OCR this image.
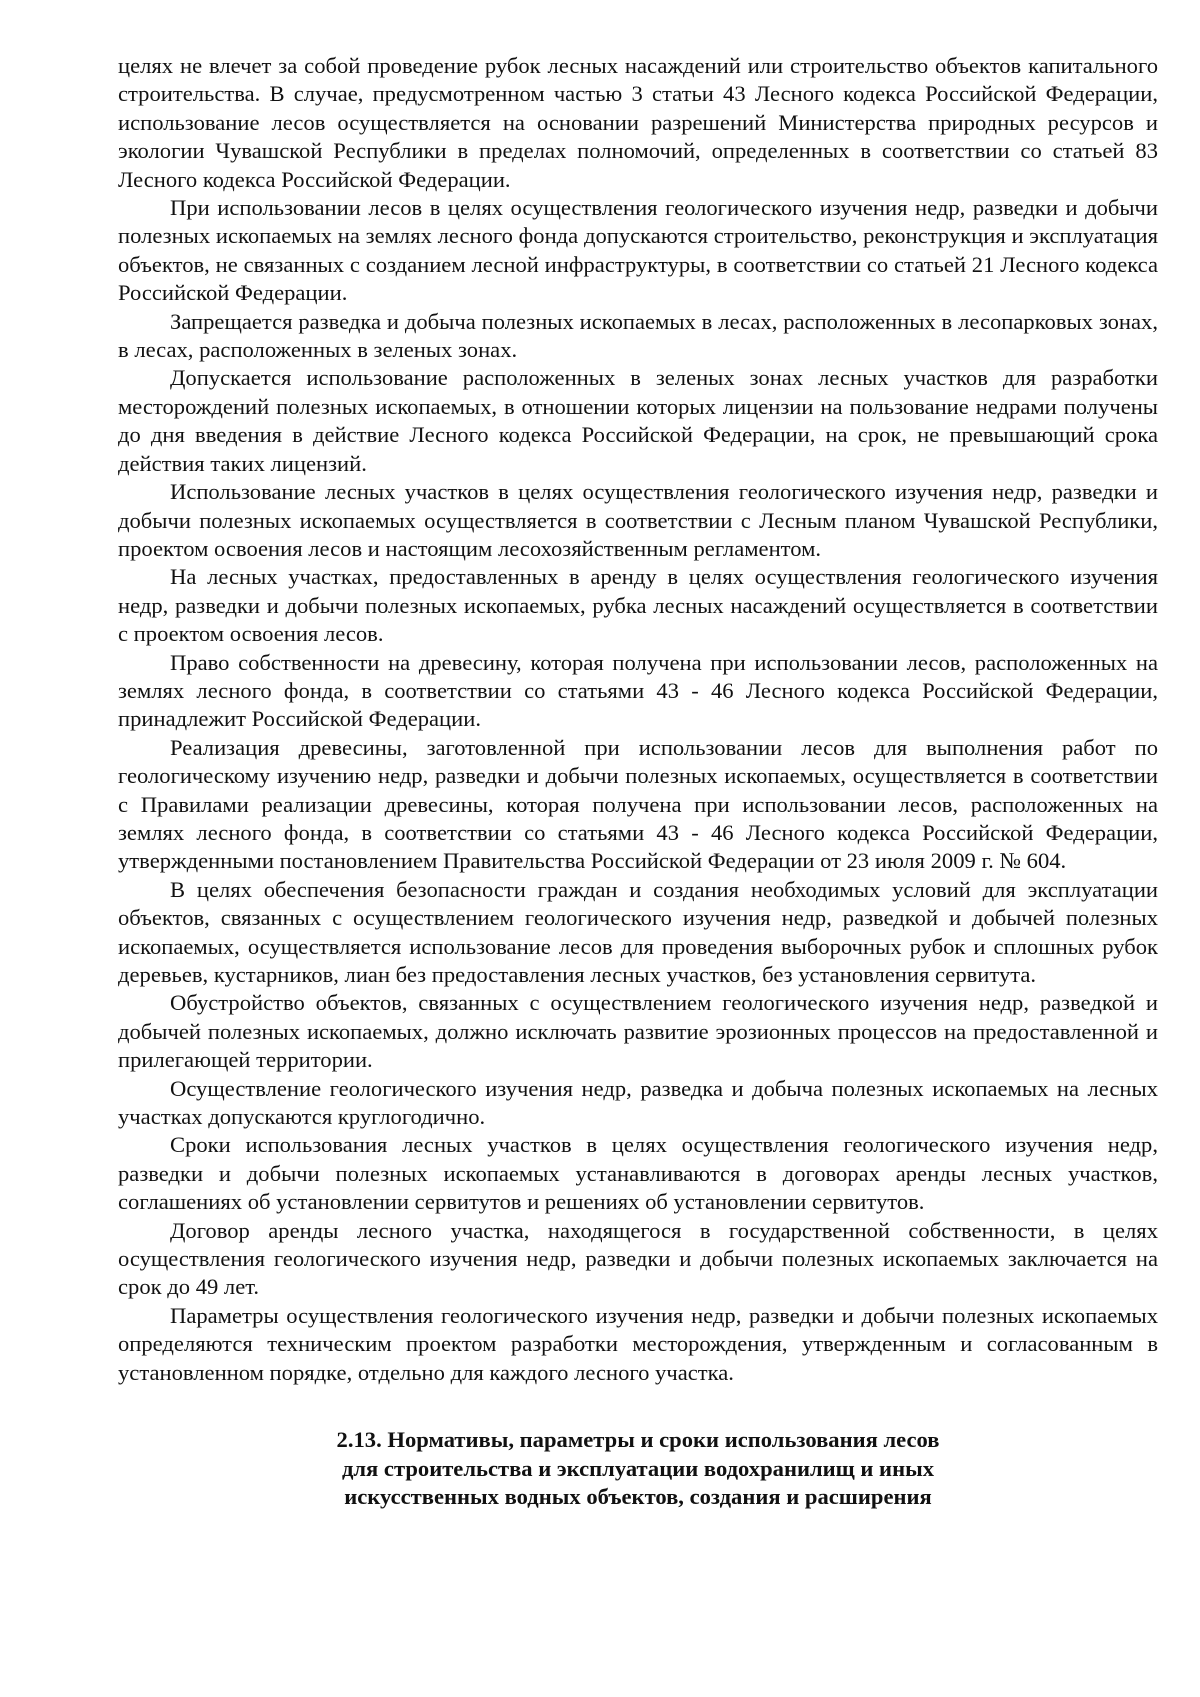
целях не влечет за собой проведение рубок лесных насаждений или строительство объектов капитального строительства. В случае, предусмотренном частью 3 статьи 43 Лесного кодекса Российской Федерации, использование лесов осуществляется на основании разрешений Министерства природных ресурсов и экологии Чувашской Республики в пределах полномочий, определенных в соответствии со статьей 83 Лесного кодекса Российской Федерации.

При использовании лесов в целях осуществления геологического изучения недр, разведки и добычи полезных ископаемых на землях лесного фонда допускаются строительство, реконструкция и эксплуатация объектов, не связанных с созданием лесной инфраструктуры, в соответствии со статьей 21 Лесного кодекса Российской Федерации.

Запрещается разведка и добыча полезных ископаемых в лесах, расположенных в лесопарковых зонах, в лесах, расположенных в зеленых зонах.

Допускается использование расположенных в зеленых зонах лесных участков для разработки месторождений полезных ископаемых, в отношении которых лицензии на пользование недрами получены до дня введения в действие Лесного кодекса Российской Федерации, на срок, не превышающий срока действия таких лицензий.

Использование лесных участков в целях осуществления геологического изучения недр, разведки и добычи полезных ископаемых осуществляется в соответствии с Лесным планом Чувашской Республики, проектом освоения лесов и настоящим лесохозяйственным регламентом.

На лесных участках, предоставленных в аренду в целях осуществления геологического изучения недр, разведки и добычи полезных ископаемых, рубка лесных насаждений осуществляется в соответствии с проектом освоения лесов.

Право собственности на древесину, которая получена при использовании лесов, расположенных на землях лесного фонда, в соответствии со статьями 43 - 46 Лесного кодекса Российской Федерации, принадлежит Российской Федерации.

Реализация древесины, заготовленной при использовании лесов для выполнения работ по геологическому изучению недр, разведки и добычи полезных ископаемых, осуществляется в соответствии с Правилами реализации древесины, которая получена при использовании лесов, расположенных на землях лесного фонда, в соответствии со статьями 43 - 46 Лесного кодекса Российской Федерации, утвержденными постановлением Правительства Российской Федерации от 23 июля 2009 г. № 604.

В целях обеспечения безопасности граждан и создания необходимых условий для эксплуатации объектов, связанных с осуществлением геологического изучения недр, разведкой и добычей полезных ископаемых, осуществляется использование лесов для проведения выборочных рубок и сплошных рубок деревьев, кустарников, лиан без предоставления лесных участков, без установления сервитута.

Обустройство объектов, связанных с осуществлением геологического изучения недр, разведкой и добычей полезных ископаемых, должно исключать развитие эрозионных процессов на предоставленной и прилегающей территории.

Осуществление геологического изучения недр, разведка и добыча полезных ископаемых на лесных участках допускаются круглогодично.

Сроки использования лесных участков в целях осуществления геологического изучения недр, разведки и добычи полезных ископаемых устанавливаются в договорах аренды лесных участков, соглашениях об установлении сервитутов и решениях об установлении сервитутов.

Договор аренды лесного участка, находящегося в государственной собственности, в целях осуществления геологического изучения недр, разведки и добычи полезных ископаемых заключается на срок до 49 лет.

Параметры осуществления геологического изучения недр, разведки и добычи полезных ископаемых определяются техническим проектом разработки месторождения, утвержденным и согласованным в установленном порядке, отдельно для каждого лесного участка.

2.13. Нормативы, параметры и сроки использования лесов
для строительства и эксплуатации водохранилищ и иных
искусственных водных объектов, создания и расширения
